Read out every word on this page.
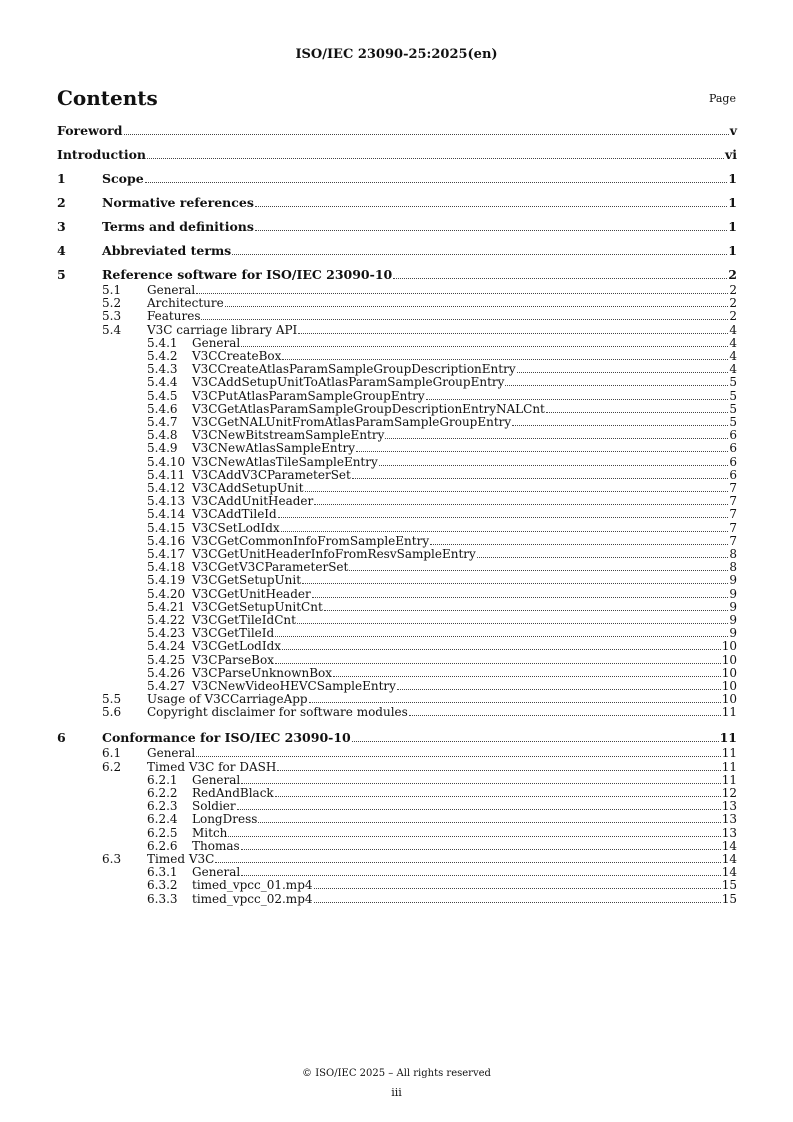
ISO/IEC 23090-25:2025(en)
Contents	Page
Foreword	v
Introduction	vi
1	Scope	1
2	Normative references	1
3	Terms and definitions	1
4	Abbreviated terms	1
5	Reference software for ISO/IEC 23090-10	2
5.1	General	2
5.2	Architecture	2
5.3	Features	2
5.4	V3C carriage library API	4
5.4.1	General	4
5.4.2	V3CCreateBox	4
5.4.3	V3CCreateAtlasParamSampleGroupDescriptionEntry	4
5.4.4	V3CAddSetupUnitToAtlasParamSampleGroupEntry	5
5.4.5	V3CPutAtlasParamSampleGroupEntry	5
5.4.6	V3CGetAtlasParamSampleGroupDescriptionEntryNALCnt	5
5.4.7	V3CGetNALUnitFromAtlasParamSampleGroupEntry	5
5.4.8	V3CNewBitstreamSampleEntry	6
5.4.9	V3CNewAtlasSampleEntry	6
5.4.10 V3CNewAtlasTileSampleEntry	6
5.4.11 V3CAddV3CParameterSet	6
5.4.12 V3CAddSetupUnit	7
5.4.13 V3CAddUnitHeader	7
5.4.14 V3CAddTileId	7
5.4.15 V3CSetLodIdx	7
5.4.16 V3CGetCommonInfoFromSampleEntry	7
5.4.17 V3CGetUnitHeaderInfoFromResvSampleEntry	8
5.4.18 V3CGetV3CParameterSet	8
5.4.19 V3CGetSetupUnit	9
5.4.20 V3CGetUnitHeader	9
5.4.21 V3CGetSetupUnitCnt	9
5.4.22 V3CGetTileIdCnt	9
5.4.23 V3CGetTileId	9
5.4.24 V3CGetLodIdx	10
5.4.25 V3CParseBox	10
5.4.26 V3CParseUnknownBox	10
5.4.27 V3CNewVideoHEVCSampleEntry	10
5.5	Usage of V3CCarriageApp	10
5.6	Copyright disclaimer for software modules	11
6	Conformance for ISO/IEC 23090-10	11
6.1	General	11
6.2	Timed V3C for DASH	11
6.2.1	General	11
6.2.2	RedAndBlack	12
6.2.3	Soldier	13
6.2.4	LongDress	13
6.2.5	Mitch	13
6.2.6	Thomas	14
6.3	Timed V3C	14
6.3.1	General	14
6.3.2	timed_vpcc_01.mp4	15
6.3.3	timed_vpcc_02.mp4	15
© ISO/IEC 2025 – All rights reserved
iii
